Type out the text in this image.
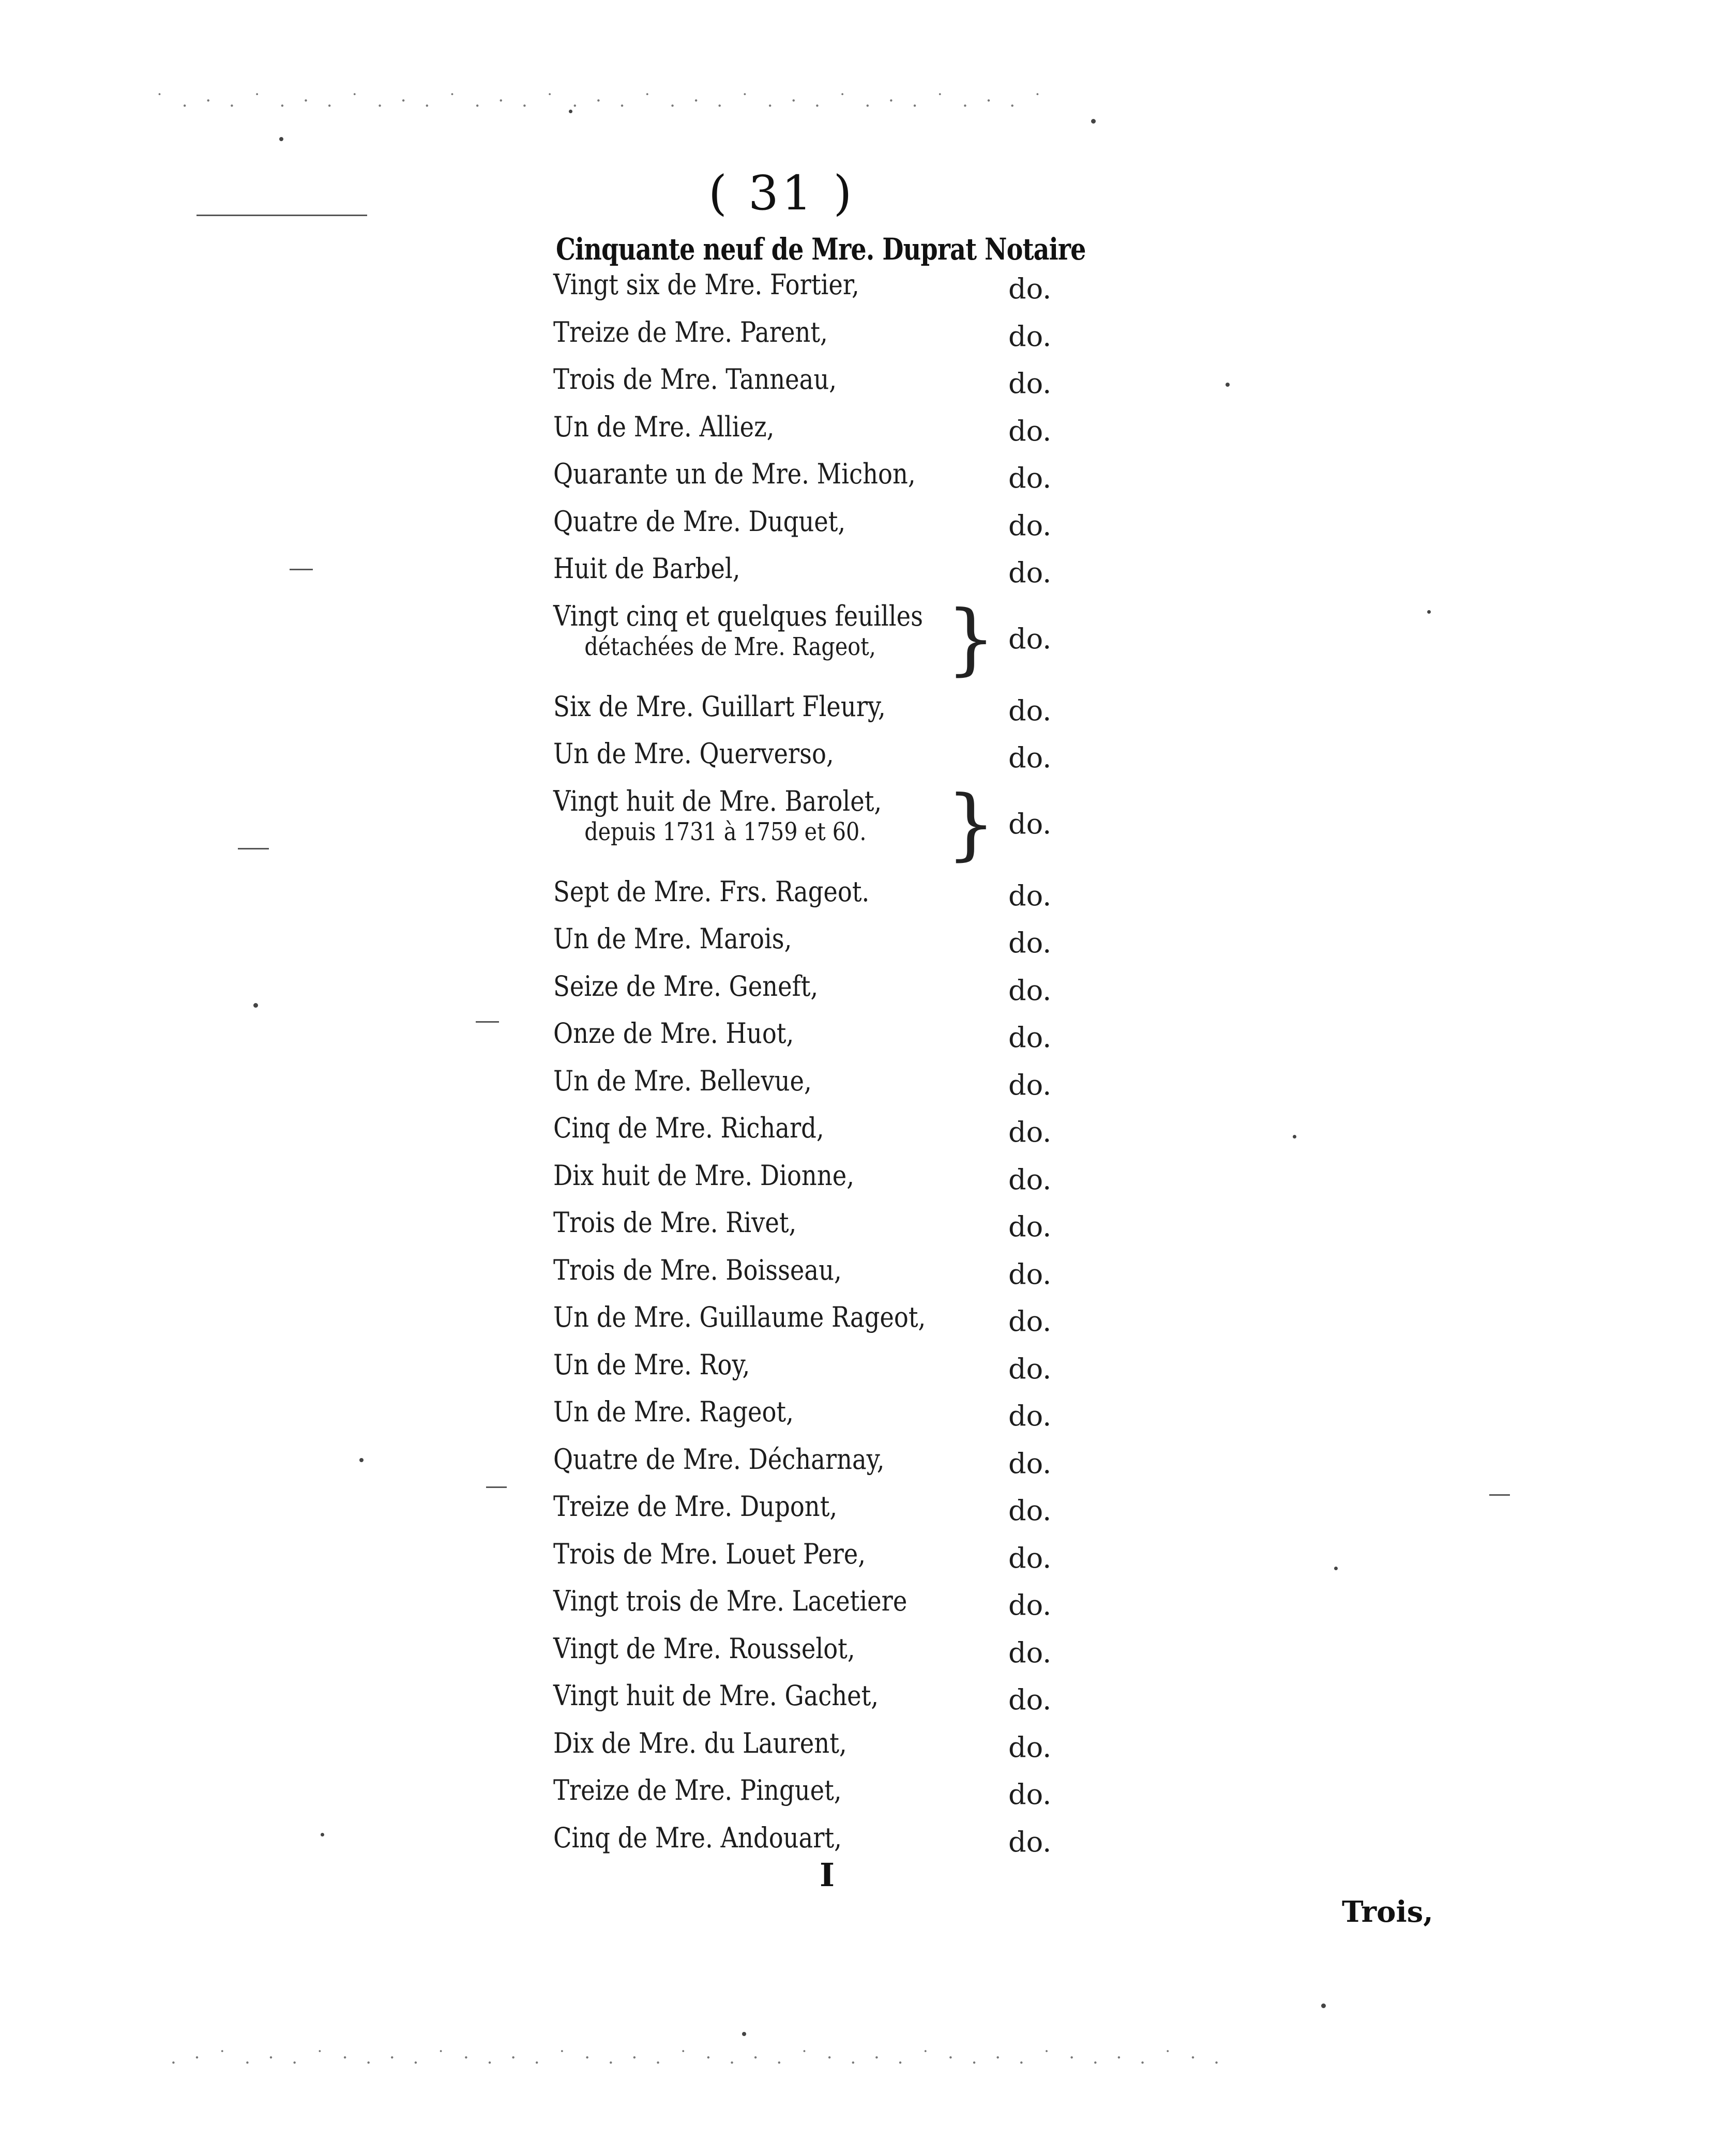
( 31 )
Cinquante neuf de Mre. Duprat Notaire
Vingt six de Mre. Fortier,	do.
Treize de Mre. Parent,	do.
Trois de Mre. Tanneau,	do.
Un de Mre. Alliez,	do.
Quarante un de Mre. Michon,	do.
Quatre de Mre. Duquet,	do.
Huit de Barbel,	do.
}
Vingt cinq et quelques feuilles
détachées de Mre. Rageot,	do.
Six de Mre. Guillart Fleury,	do.
Un de Mre. Querverso,	do.
}
Vingt huit de Mre. Barolet,
depuis 1731 à 1759 et 60.	do.
Sept de Mre. Frs. Rageot.	do.
Un de Mre. Marois,	do.
Seize de Mre. Geneft,	do.
Onze de Mre. Huot,	do.
Un de Mre. Bellevue,	do.
Cinq de Mre. Richard,	do.
Dix huit de Mre. Dionne,	do.
Trois de Mre. Rivet,	do.
Trois de Mre. Boisseau,	do.
Un de Mre. Guillaume Rageot,	do.
Un de Mre. Roy,	do.
Un de Mre. Rageot,	do.
Quatre de Mre. Décharnay,	do.
Treize de Mre. Dupont,	do.
Trois de Mre. Louet Pere,	do.
Vingt trois de Mre. Lacetiere	do.
Vingt de Mre. Rousselot,	do.
Vingt huit de Mre. Gachet,	do.
Dix de Mre. du Laurent,	do.
Treize de Mre. Pinguet,	do.
Cinq de Mre. Andouart,	do.
I
Trois,
. · ˙ . · . ˙ · . · . ˙ · . · . ˙ · . · . ˙ · . · . ˙ · . · . ˙ · . · . ˙ · . · . ˙ · .
˙ . · . ˙ . · . ˙ . · . ˙ . · . ˙ . · . ˙ . · . ˙ . · . ˙ . · . ˙ . · . ˙
